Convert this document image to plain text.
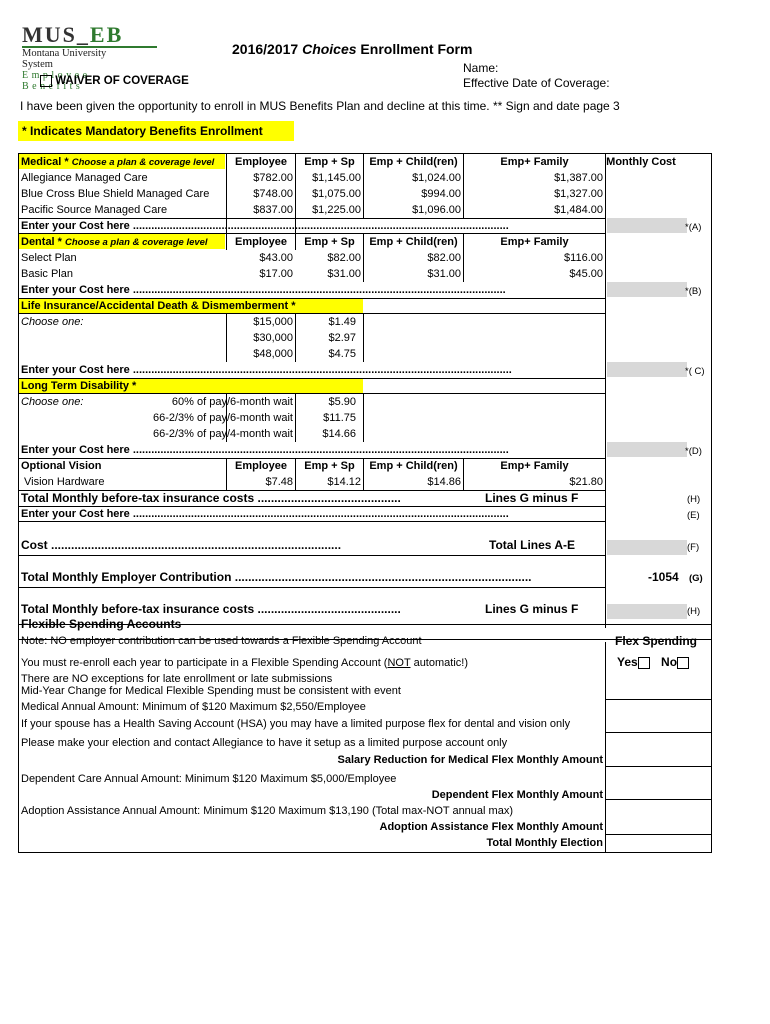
MUS_EB
Montana University System
Employee Benefits
2016/2017 Choices Enrollment Form
Name:
Effective Date of Coverage:
WAIVER OF COVERAGE
I have been given the opportunity to enroll in MUS Benefits Plan and decline at this time. ** Sign and date page 3
* Indicates Mandatory Benefits Enrollment
Medical * Choose a plan & coverage level	Employee	Emp + Sp	Emp + Child(ren)	Emp+ Family	Monthly Cost
Allegiance Managed Care	$782.00	$1,145.00	$1,024.00	$1,387.00
Blue Cross Blue Shield Managed Care	$748.00	$1,075.00	$994.00	$1,327.00
Pacific Source Managed Care	$837.00	$1,225.00	$1,096.00	$1,484.00
Enter your Cost here ...........................................................................................................................	*(A)
Dental * Choose a plan & coverage level	Employee	Emp + Sp	Emp + Child(ren)	Emp+ Family
Select Plan	$43.00	$82.00	$82.00	$116.00
Basic Plan	$17.00	$31.00	$31.00	$45.00
Enter your Cost here ..........................................................................................................................	*(B)
Life Insurance/Accidental Death & Dismemberment *
Choose one:	$15,000	$1.49
$30,000	$2.97
$48,000	$4.75
Enter your Cost here ............................................................................................................................	*( C)
Long Term Disability *
Choose one:	60% of pay/6-month wait	$5.90
66-2/3% of pay/6-month wait	$11.75
66-2/3% of pay/4-month wait	$14.66
Enter your Cost here ...........................................................................................................................	*(D)
Optional Vision	Employee	Emp + Sp	Emp + Child(ren)	Emp+ Family
Vision Hardware	$7.48	$14.12	$14.86	$21.80
Total Monthly before-tax insurance costs ...........................................	Lines G minus F	(H)
Enter your Cost here ...........................................................................................................................	(E)
Cost .......................................................................................	Total Lines A-E	(F)
Total Monthly Employer Contribution .........................................................................................	-1054 (G)
Total Monthly before-tax insurance costs ...........................................	Lines G minus F	(H)
Flexible Spending Accounts
Note: NO employer contribution can be used towards a Flexible Spending Account	Flex Spending
You must re-enroll each year to participate in a Flexible Spending Account (NOT automatic!)	Yes No
There are NO exceptions for late enrollment or late submissions
Mid-Year Change for Medical Flexible Spending must be consistent with event
Medical Annual Amount: Minimum of $120 Maximum $2,550/Employee
If your spouse has a Health Saving Account (HSA) you may have a limited purpose flex for dental and vision only
Please make your election and contact Allegiance to have it setup as a limited purpose account only
Salary Reduction for Medical Flex Monthly Amount
Dependent Care Annual Amount: Minimum $120 Maximum $5,000/Employee
Dependent Flex Monthly Amount
Adoption Assistance Annual Amount: Minimum $120 Maximum $13,190 (Total max-NOT annual max)
Adoption Assistance Flex Monthly Amount
Total Monthly Election
